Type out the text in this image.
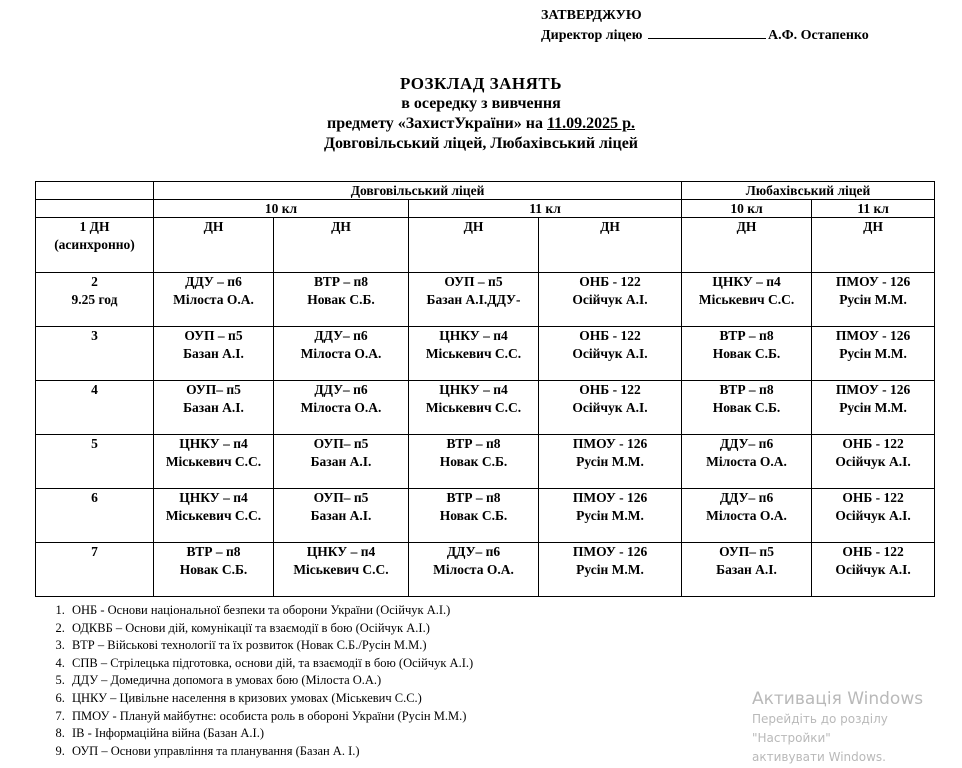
ЗАТВЕРДЖУЮ
Директор ліцею	А.Ф. Остапенко
РОЗКЛАД ЗАНЯТЬ
в осередку з вивчення
предмету «ЗахистУкраїни» на 11.09.2025 р.
Довговільський ліцей, Любахівський ліцей
	Довговільський ліцей				Любахівський ліцей	
	10 кл		11 кл		10 кл	11 кл

1 ДН
(асинхронно)	ДН	ДН	ДН	ДН	ДН	ДН

2
9.25 год	ДДУ – п6
Мілоста О.А.	ВТР – п8
Новак С.Б.	ОУП – п5
Базан А.І.ДДУ-	ОНБ - 122
Осійчук А.І.	ЦНКУ – п4
Міськевич С.С.	ПМОУ - 126
Русін М.М.

3	ОУП – п5
Базан А.І.	ДДУ– п6
Мілоста О.А.	ЦНКУ – п4
Міськевич С.С.	ОНБ - 122
Осійчук А.І.	ВТР – п8
Новак С.Б.	ПМОУ - 126
Русін М.М.

4	ОУП– п5
Базан А.І.	ДДУ– п6
Мілоста О.А.	ЦНКУ – п4
Міськевич С.С.	ОНБ - 122
Осійчук А.І.	ВТР – п8
Новак С.Б.	ПМОУ - 126
Русін М.М.

5	ЦНКУ – п4
Міськевич С.С.	ОУП– п5
Базан А.І.	ВТР – п8
Новак С.Б.	ПМОУ - 126
Русін М.М.	ДДУ– п6
Мілоста О.А.	ОНБ - 122
Осійчук А.І.

6	ЦНКУ – п4
Міськевич С.С.	ОУП– п5
Базан А.І.	ВТР – п8
Новак С.Б.	ПМОУ - 126
Русін М.М.	ДДУ– п6
Мілоста О.А.	ОНБ - 122
Осійчук А.І.

7	ВТР – п8
Новак С.Б.	ЦНКУ – п4
Міськевич С.С.	ДДУ– п6
Мілоста О.А.	ПМОУ - 126
Русін М.М.	ОУП– п5
Базан А.І.	ОНБ - 122
Осійчук А.І.
1. ОНБ - Основи національної безпеки та оборони України (Осійчук А.І.)
2. ОДКВБ – Основи дій, комунікації та взаємодії в бою (Осійчук А.І.)
3. ВТР – Військові технології та їх розвиток (Новак С.Б./Русін М.М.)
4. СПВ – Стрілецька підготовка, основи дій, та взаємодії в бою (Осійчук А.І.)
5. ДДУ – Домедична допомога в умовах бою (Мілоста О.А.)
6. ЦНКУ – Цивільне населення в кризових умовах (Міськевич С.С.)
7. ПМОУ - Плануй майбутнє: особиста роль в обороні України (Русін М.М.)
8. ІВ - Інформаційна війна (Базан А.І.)
9. ОУП – Основи управління та планування (Базан А. І.)
Активація Windows
Перейдіть до розділу "Настройки"
активувати Windows.
